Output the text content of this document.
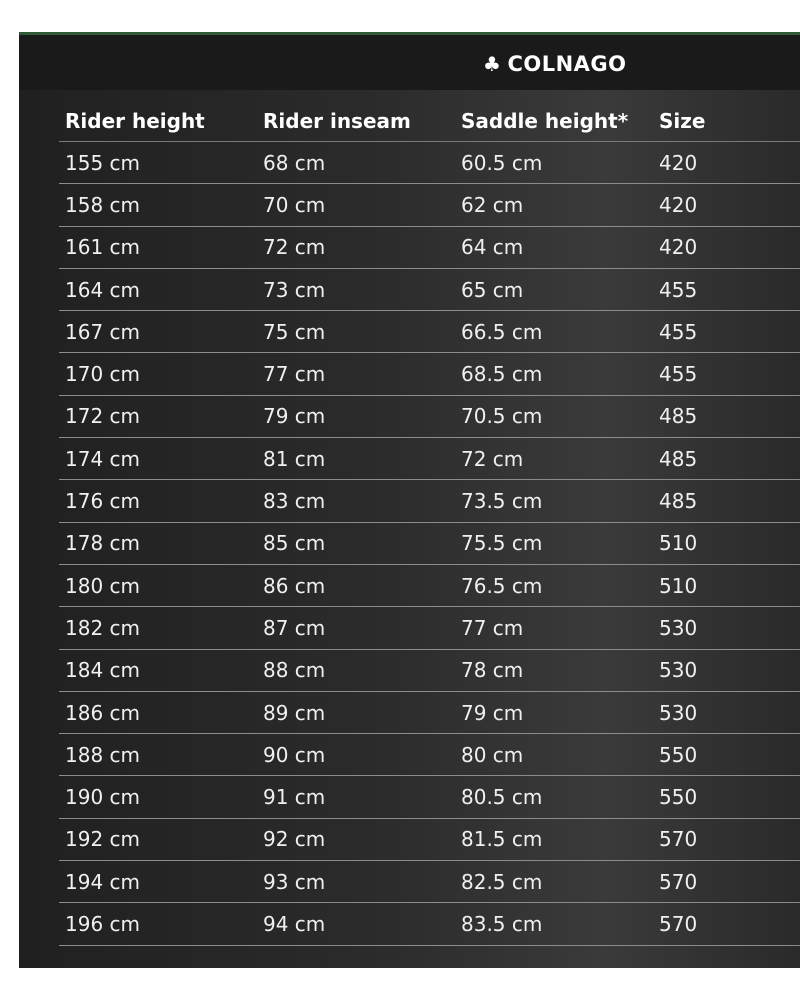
♣ COLNAGO
Rider height	Rider inseam	Saddle height*	Size
155 cm	68 cm	60.5 cm	420
158 cm	70 cm	62 cm	420
161 cm	72 cm	64 cm	420
164 cm	73 cm	65 cm	455
167 cm	75 cm	66.5 cm	455
170 cm	77 cm	68.5 cm	455
172 cm	79 cm	70.5 cm	485
174 cm	81 cm	72 cm	485
176 cm	83 cm	73.5 cm	485
178 cm	85 cm	75.5 cm	510
180 cm	86 cm	76.5 cm	510
182 cm	87 cm	77 cm	530
184 cm	88 cm	78 cm	530
186 cm	89 cm	79 cm	530
188 cm	90 cm	80 cm	550
190 cm	91 cm	80.5 cm	550
192 cm	92 cm	81.5 cm	570
194 cm	93 cm	82.5 cm	570
196 cm	94 cm	83.5 cm	570
